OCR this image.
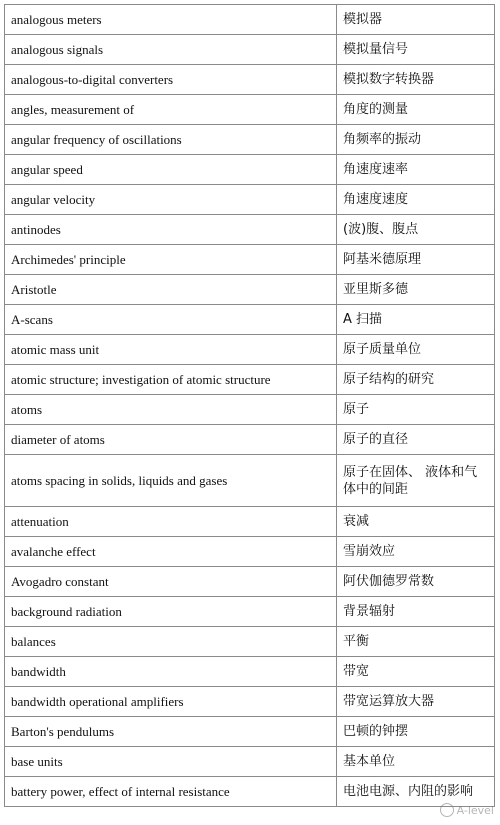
analogous meters	模拟器
analogous signals	模拟量信号
analogous-to-digital converters	模拟数字转换器
angles, measurement of	角度的测量
angular frequency of oscillations	角频率的振动
angular speed	角速度速率
angular velocity	角速度速度
antinodes	(波)腹、腹点
Archimedes' principle	阿基米德原理
Aristotle	亚里斯多德
A-scans	A 扫描
atomic mass unit	原子质量单位
atomic structure; investigation of atomic structure	原子结构的研究
atoms	原子
diameter of atoms	原子的直径
atoms spacing in solids, liquids and gases	原子在固体、 液体和气体中的间距
attenuation	衰减
avalanche effect	雪崩效应
Avogadro constant	阿伏伽德罗常数
background radiation	背景辐射
balances	平衡
bandwidth	带宽
bandwidth operational amplifiers	带宽运算放大器
Barton's pendulums	巴顿的钟摆
base units	基本单位
battery power, effect of internal resistance	电池电源、内阻的影响
A-level
